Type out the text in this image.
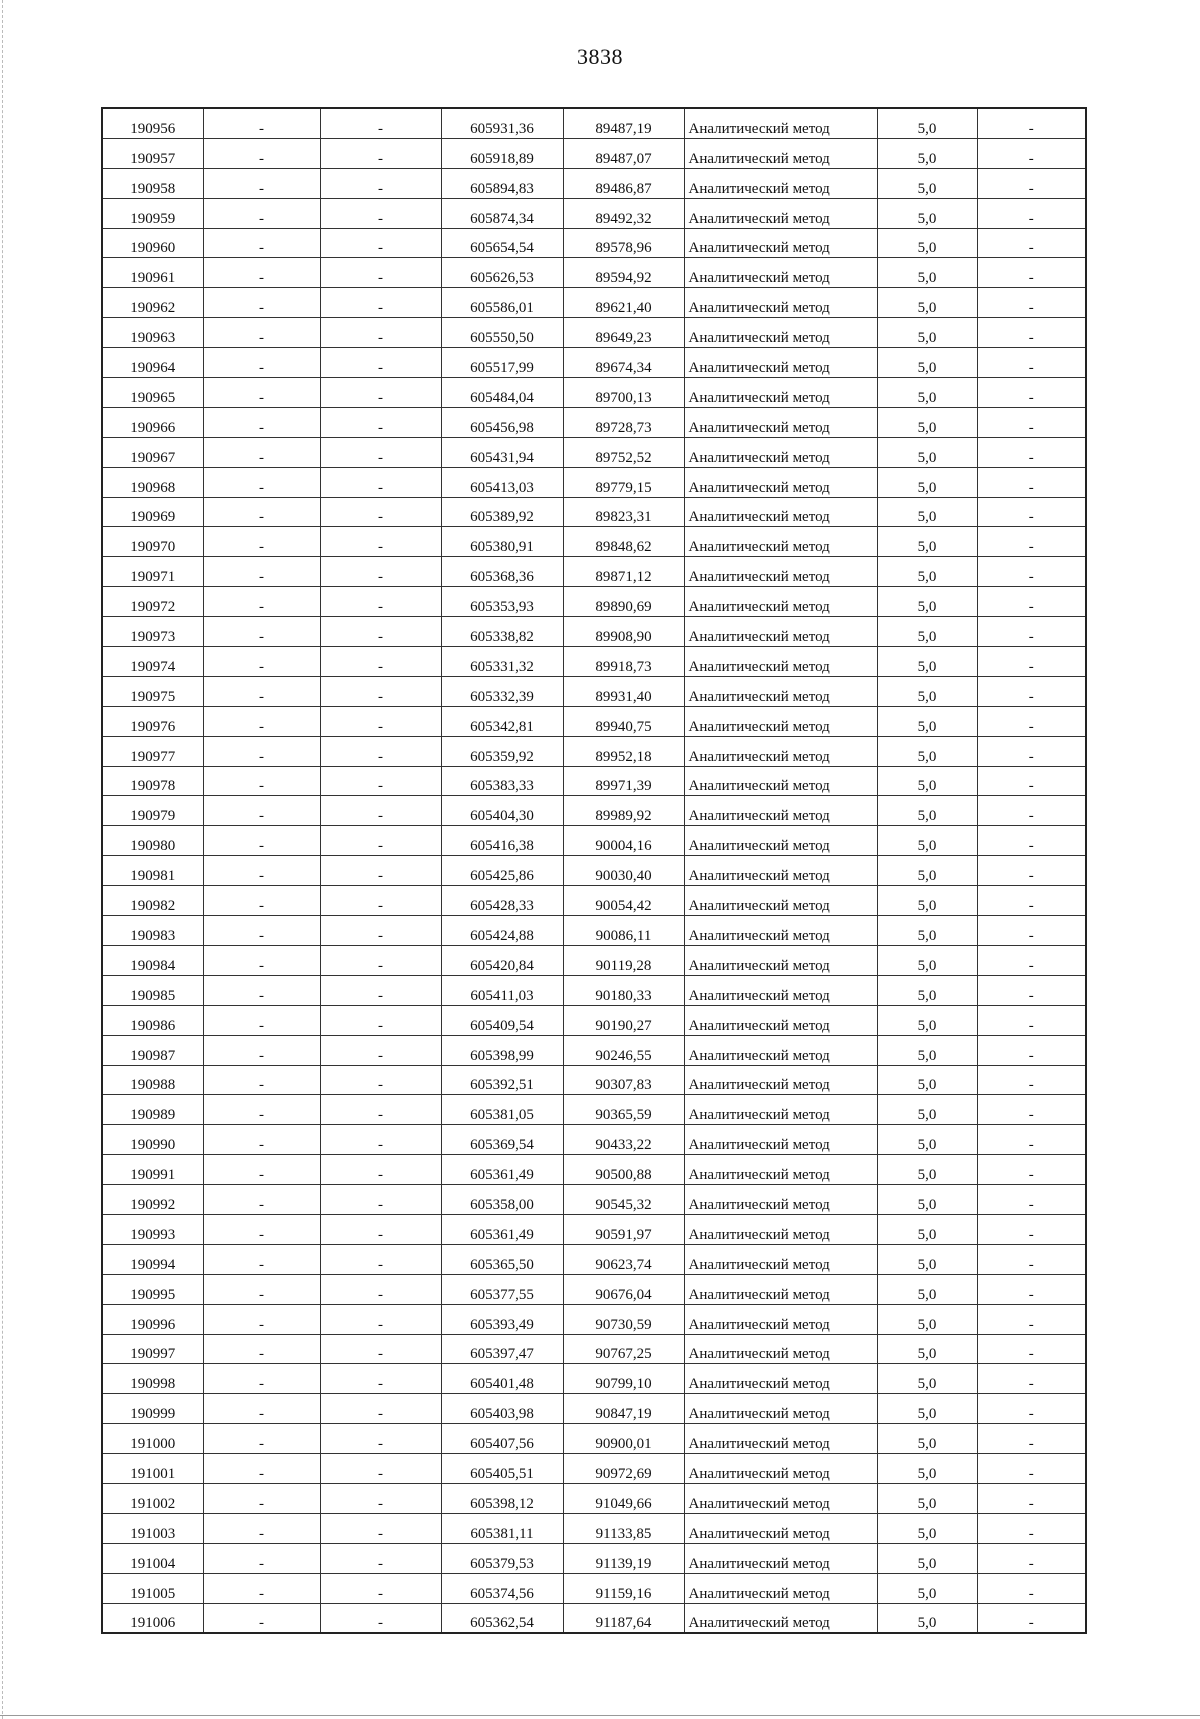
3838
190956	-	-	605931,36	89487,19	Аналитический метод	5,0	-
190957	-	-	605918,89	89487,07	Аналитический метод	5,0	-
190958	-	-	605894,83	89486,87	Аналитический метод	5,0	-
190959	-	-	605874,34	89492,32	Аналитический метод	5,0	-
190960	-	-	605654,54	89578,96	Аналитический метод	5,0	-
190961	-	-	605626,53	89594,92	Аналитический метод	5,0	-
190962	-	-	605586,01	89621,40	Аналитический метод	5,0	-
190963	-	-	605550,50	89649,23	Аналитический метод	5,0	-
190964	-	-	605517,99	89674,34	Аналитический метод	5,0	-
190965	-	-	605484,04	89700,13	Аналитический метод	5,0	-
190966	-	-	605456,98	89728,73	Аналитический метод	5,0	-
190967	-	-	605431,94	89752,52	Аналитический метод	5,0	-
190968	-	-	605413,03	89779,15	Аналитический метод	5,0	-
190969	-	-	605389,92	89823,31	Аналитический метод	5,0	-
190970	-	-	605380,91	89848,62	Аналитический метод	5,0	-
190971	-	-	605368,36	89871,12	Аналитический метод	5,0	-
190972	-	-	605353,93	89890,69	Аналитический метод	5,0	-
190973	-	-	605338,82	89908,90	Аналитический метод	5,0	-
190974	-	-	605331,32	89918,73	Аналитический метод	5,0	-
190975	-	-	605332,39	89931,40	Аналитический метод	5,0	-
190976	-	-	605342,81	89940,75	Аналитический метод	5,0	-
190977	-	-	605359,92	89952,18	Аналитический метод	5,0	-
190978	-	-	605383,33	89971,39	Аналитический метод	5,0	-
190979	-	-	605404,30	89989,92	Аналитический метод	5,0	-
190980	-	-	605416,38	90004,16	Аналитический метод	5,0	-
190981	-	-	605425,86	90030,40	Аналитический метод	5,0	-
190982	-	-	605428,33	90054,42	Аналитический метод	5,0	-
190983	-	-	605424,88	90086,11	Аналитический метод	5,0	-
190984	-	-	605420,84	90119,28	Аналитический метод	5,0	-
190985	-	-	605411,03	90180,33	Аналитический метод	5,0	-
190986	-	-	605409,54	90190,27	Аналитический метод	5,0	-
190987	-	-	605398,99	90246,55	Аналитический метод	5,0	-
190988	-	-	605392,51	90307,83	Аналитический метод	5,0	-
190989	-	-	605381,05	90365,59	Аналитический метод	5,0	-
190990	-	-	605369,54	90433,22	Аналитический метод	5,0	-
190991	-	-	605361,49	90500,88	Аналитический метод	5,0	-
190992	-	-	605358,00	90545,32	Аналитический метод	5,0	-
190993	-	-	605361,49	90591,97	Аналитический метод	5,0	-
190994	-	-	605365,50	90623,74	Аналитический метод	5,0	-
190995	-	-	605377,55	90676,04	Аналитический метод	5,0	-
190996	-	-	605393,49	90730,59	Аналитический метод	5,0	-
190997	-	-	605397,47	90767,25	Аналитический метод	5,0	-
190998	-	-	605401,48	90799,10	Аналитический метод	5,0	-
190999	-	-	605403,98	90847,19	Аналитический метод	5,0	-
191000	-	-	605407,56	90900,01	Аналитический метод	5,0	-
191001	-	-	605405,51	90972,69	Аналитический метод	5,0	-
191002	-	-	605398,12	91049,66	Аналитический метод	5,0	-
191003	-	-	605381,11	91133,85	Аналитический метод	5,0	-
191004	-	-	605379,53	91139,19	Аналитический метод	5,0	-
191005	-	-	605374,56	91159,16	Аналитический метод	5,0	-
191006	-	-	605362,54	91187,64	Аналитический метод	5,0	-
